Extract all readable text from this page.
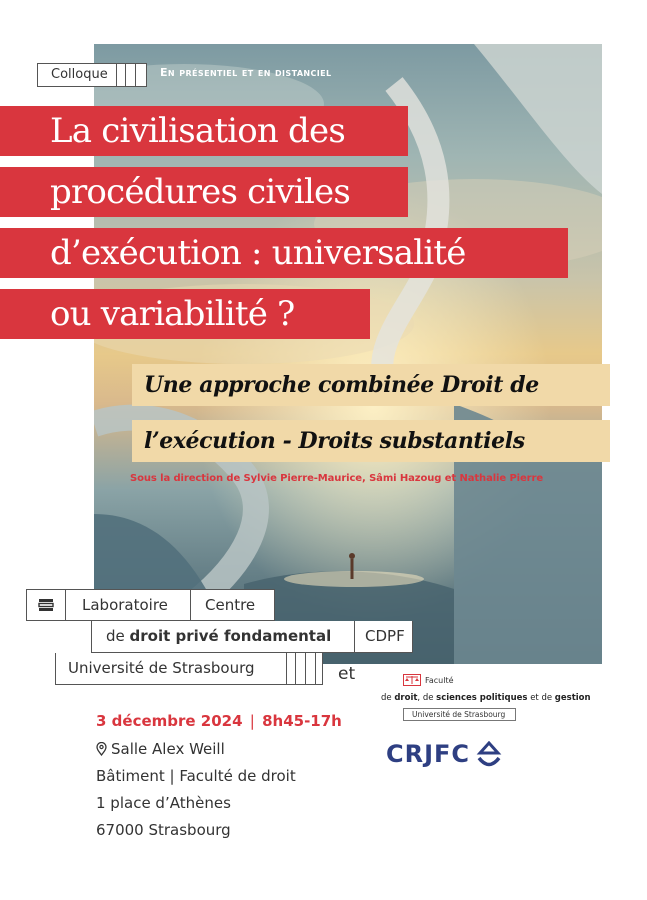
Colloque	En présentiel et en distanciel
La civilisation des
procédures civiles
d’exécution : universalité
ou variabilité ?
Une approche combinée Droit de
l’exécution - Droits substantiels
Sous la direction de Sylvie Pierre-Maurice, Sâmi Hazoug et Nathalie Pierre
Laboratoire	Centre
de droit privé fondamental	CDPF
Université de Strasbourg	et	Faculté
de droit, de sciences politiques et de gestion
Université de Strasbourg
CRJFC
3 décembre 2024 | 8h45-17h
Salle Alex Weill
Bâtiment | Faculté de droit
1 place d’Athènes
67000 Strasbourg
